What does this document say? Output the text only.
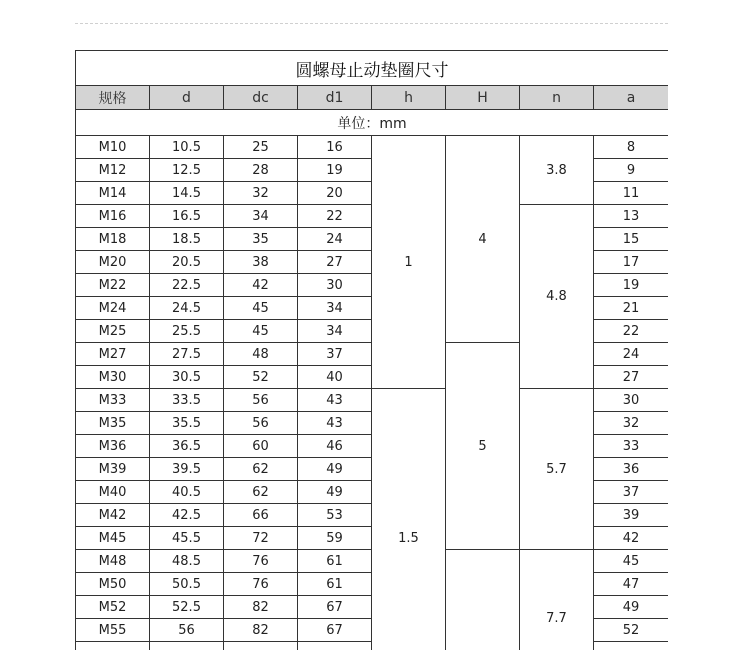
圆螺母止动垫圈尺寸							
规格	d	dc	d1	h	H	n	a
单位：mm							
M10	10.5	25	16	1	4	3.8	8
M12	12.5	28	19				9
M14	14.5	32	20				11
M16	16.5	34	22			4.8	13
M18	18.5	35	24				15
M20	20.5	38	27				17
M22	22.5	42	30				19
M24	24.5	45	34				21
M25	25.5	45	34				22
M27	27.5	48	37		5		24
M30	30.5	52	40				27
M33	33.5	56	43	1.5		5.7	30
M35	35.5	56	43				32
M36	36.5	60	46				33
M39	39.5	62	49				36
M40	40.5	62	49				37
M42	42.5	66	53				39
M45	45.5	72	59				42
M48	48.5	76	61			7.7	45
M50	50.5	76	61				47
M52	52.5	82	67				49
M55	56	82	67				52
